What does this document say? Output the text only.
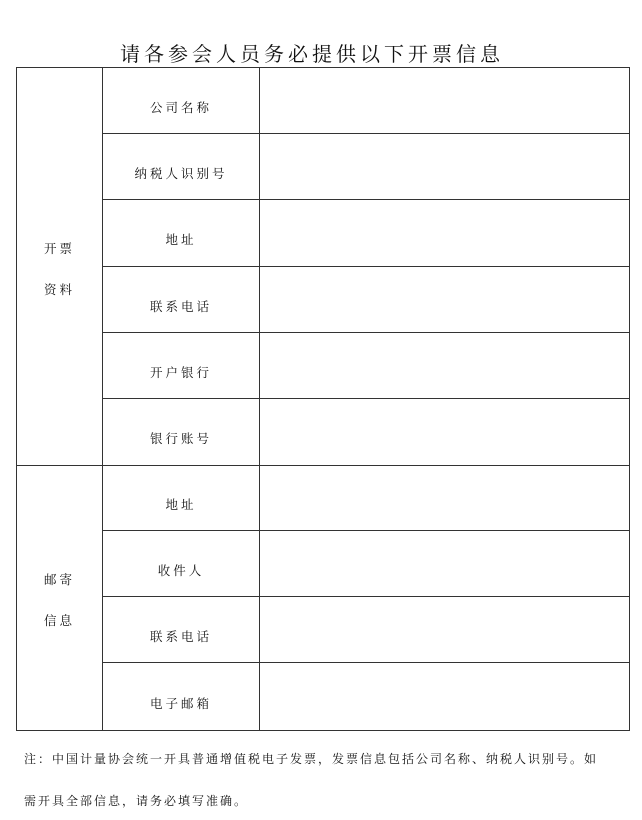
请各参会人员务必提供以下开票信息
开票
资料	公司名称	
	纳税人识别号	
	地址	
	联系电话	
	开户银行	
	银行账号	

邮寄
信息	地址	
	收件人	
	联系电话	
	电子邮箱	
注：中国计量协会统一开具普通增值税电子发票，发票信息包括公司名称、纳税人识别号。如
需开具全部信息，请务必填写准确。
